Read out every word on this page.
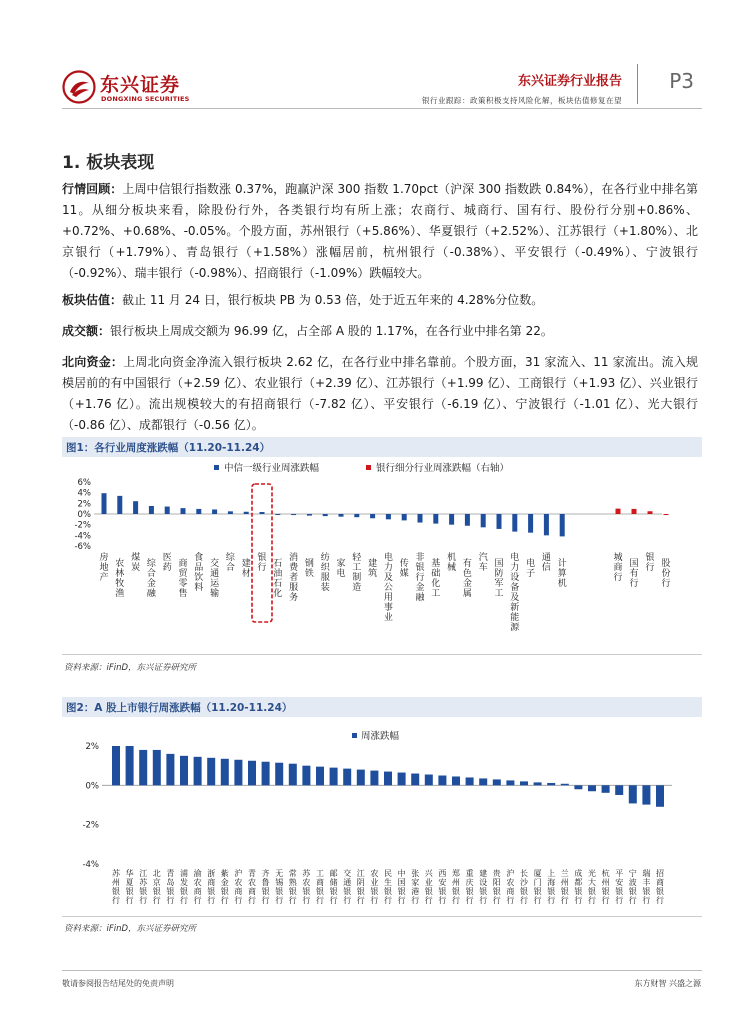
东兴证券
DONGXING SECURITIES
东兴证券行业报告
银行业跟踪：政策积极支持风险化解，板块估值修复在望
P3
1. 板块表现
行情回顾：上周中信银行指数涨 0.37%，跑赢沪深 300 指数 1.70pct（沪深 300 指数跌 0.84%），在各行业中排名第 11。从细分板块来看，除股份行外，各类银行均有所上涨；农商行、城商行、国有行、股份行分别+0.86%、+0.72%、+0.68%、-0.05%。个股方面，苏州银行（+5.86%）、华夏银行（+2.52%）、江苏银行（+1.80%）、北京银行（+1.79%）、青岛银行（+1.58%）涨幅居前，杭州银行（-0.38%）、平安银行（-0.49%）、宁波银行（-0.92%）、瑞丰银行（-0.98%）、招商银行（-1.09%）跌幅较大。
板块估值：截止 11 月 24 日，银行板块 PB 为 0.53 倍，处于近五年来的 4.28%分位数。
成交额：银行板块上周成交额为 96.99 亿，占全部 A 股的 1.17%，在各行业中排名第 22。
北向资金：上周北向资金净流入银行板块 2.62 亿，在各行业中排名靠前。个股方面，31 家流入、11 家流出。流入规模居前的有中国银行（+2.59 亿）、农业银行（+2.39 亿）、江苏银行（+1.99 亿）、工商银行（+1.93 亿）、兴业银行（+1.76 亿）。流出规模较大的有招商银行（-7.82 亿）、平安银行（-6.19 亿）、宁波银行（-1.01 亿）、光大银行（-0.86 亿）、成都银行（-0.56 亿）。
图1：各行业周度涨跌幅（11.20-11.24）
中信一级行业周涨跌幅	银行细分行业周涨跌幅（右轴）
6%
4%
2%
0%
-2%
-4%
-6%
房
地
产
农
林
牧
渔
煤
炭 综
合
金
融
医
药 商
贸
零
售
食
品
饮
料
交
通
运
输
综
合 建
材
银
行 石
油
石
化
消
费
者
服
务
钢
铁
纺
织
服
装
家
电
轻
工
制
造
建
筑
电
力
及
公
用
事
业
传
媒
非
银
行
金
融
基
础
化
工
机
械 有
色
金
属
汽
车 国
防
军
工
电
力
设
备
及
新
能
源
电
子
通
信 计
算
机
城
商
行
国
有
行
银
行 股
份
行
资料来源：iFinD，东兴证券研究所
图2：A 股上市银行周涨跌幅（11.20-11.24）
周涨跌幅
2%
0%
-2%
-4%
苏
州
银
行
华
夏
银
行
江
苏
银
行
北
京
银
行
青
岛
银
行
浦
发
银
行
渝
农
商
行
浙
商
银
行
紫
金
银
行
沪
农
商
行
青
农
商
行
齐
鲁
银
行
无
锡
银
行
常
熟
银
行
苏
农
银
行
工
商
银
行
邮
储
银
行
交
通
银
行
江
阴
银
行
农
业
银
行
民
生
银
行
中
国
银
行
张
家
港
行
兴
业
银
行
西
安
银
行
郑
州
银
行
重
庆
银
行
建
设
银
行
贵
阳
银
行
沪
农
商
行
长
沙
银
行
厦
门
银
行
上
海
银
行
兰
州
银
行
成
都
银
行
光
大
银
行
杭
州
银
行
平
安
银
行
宁
波
银
行
瑞
丰
银
行
招
商
银
行
资料来源：iFinD，东兴证券研究所
敬请参阅报告结尾处的免责声明	东方财智 兴盛之源
